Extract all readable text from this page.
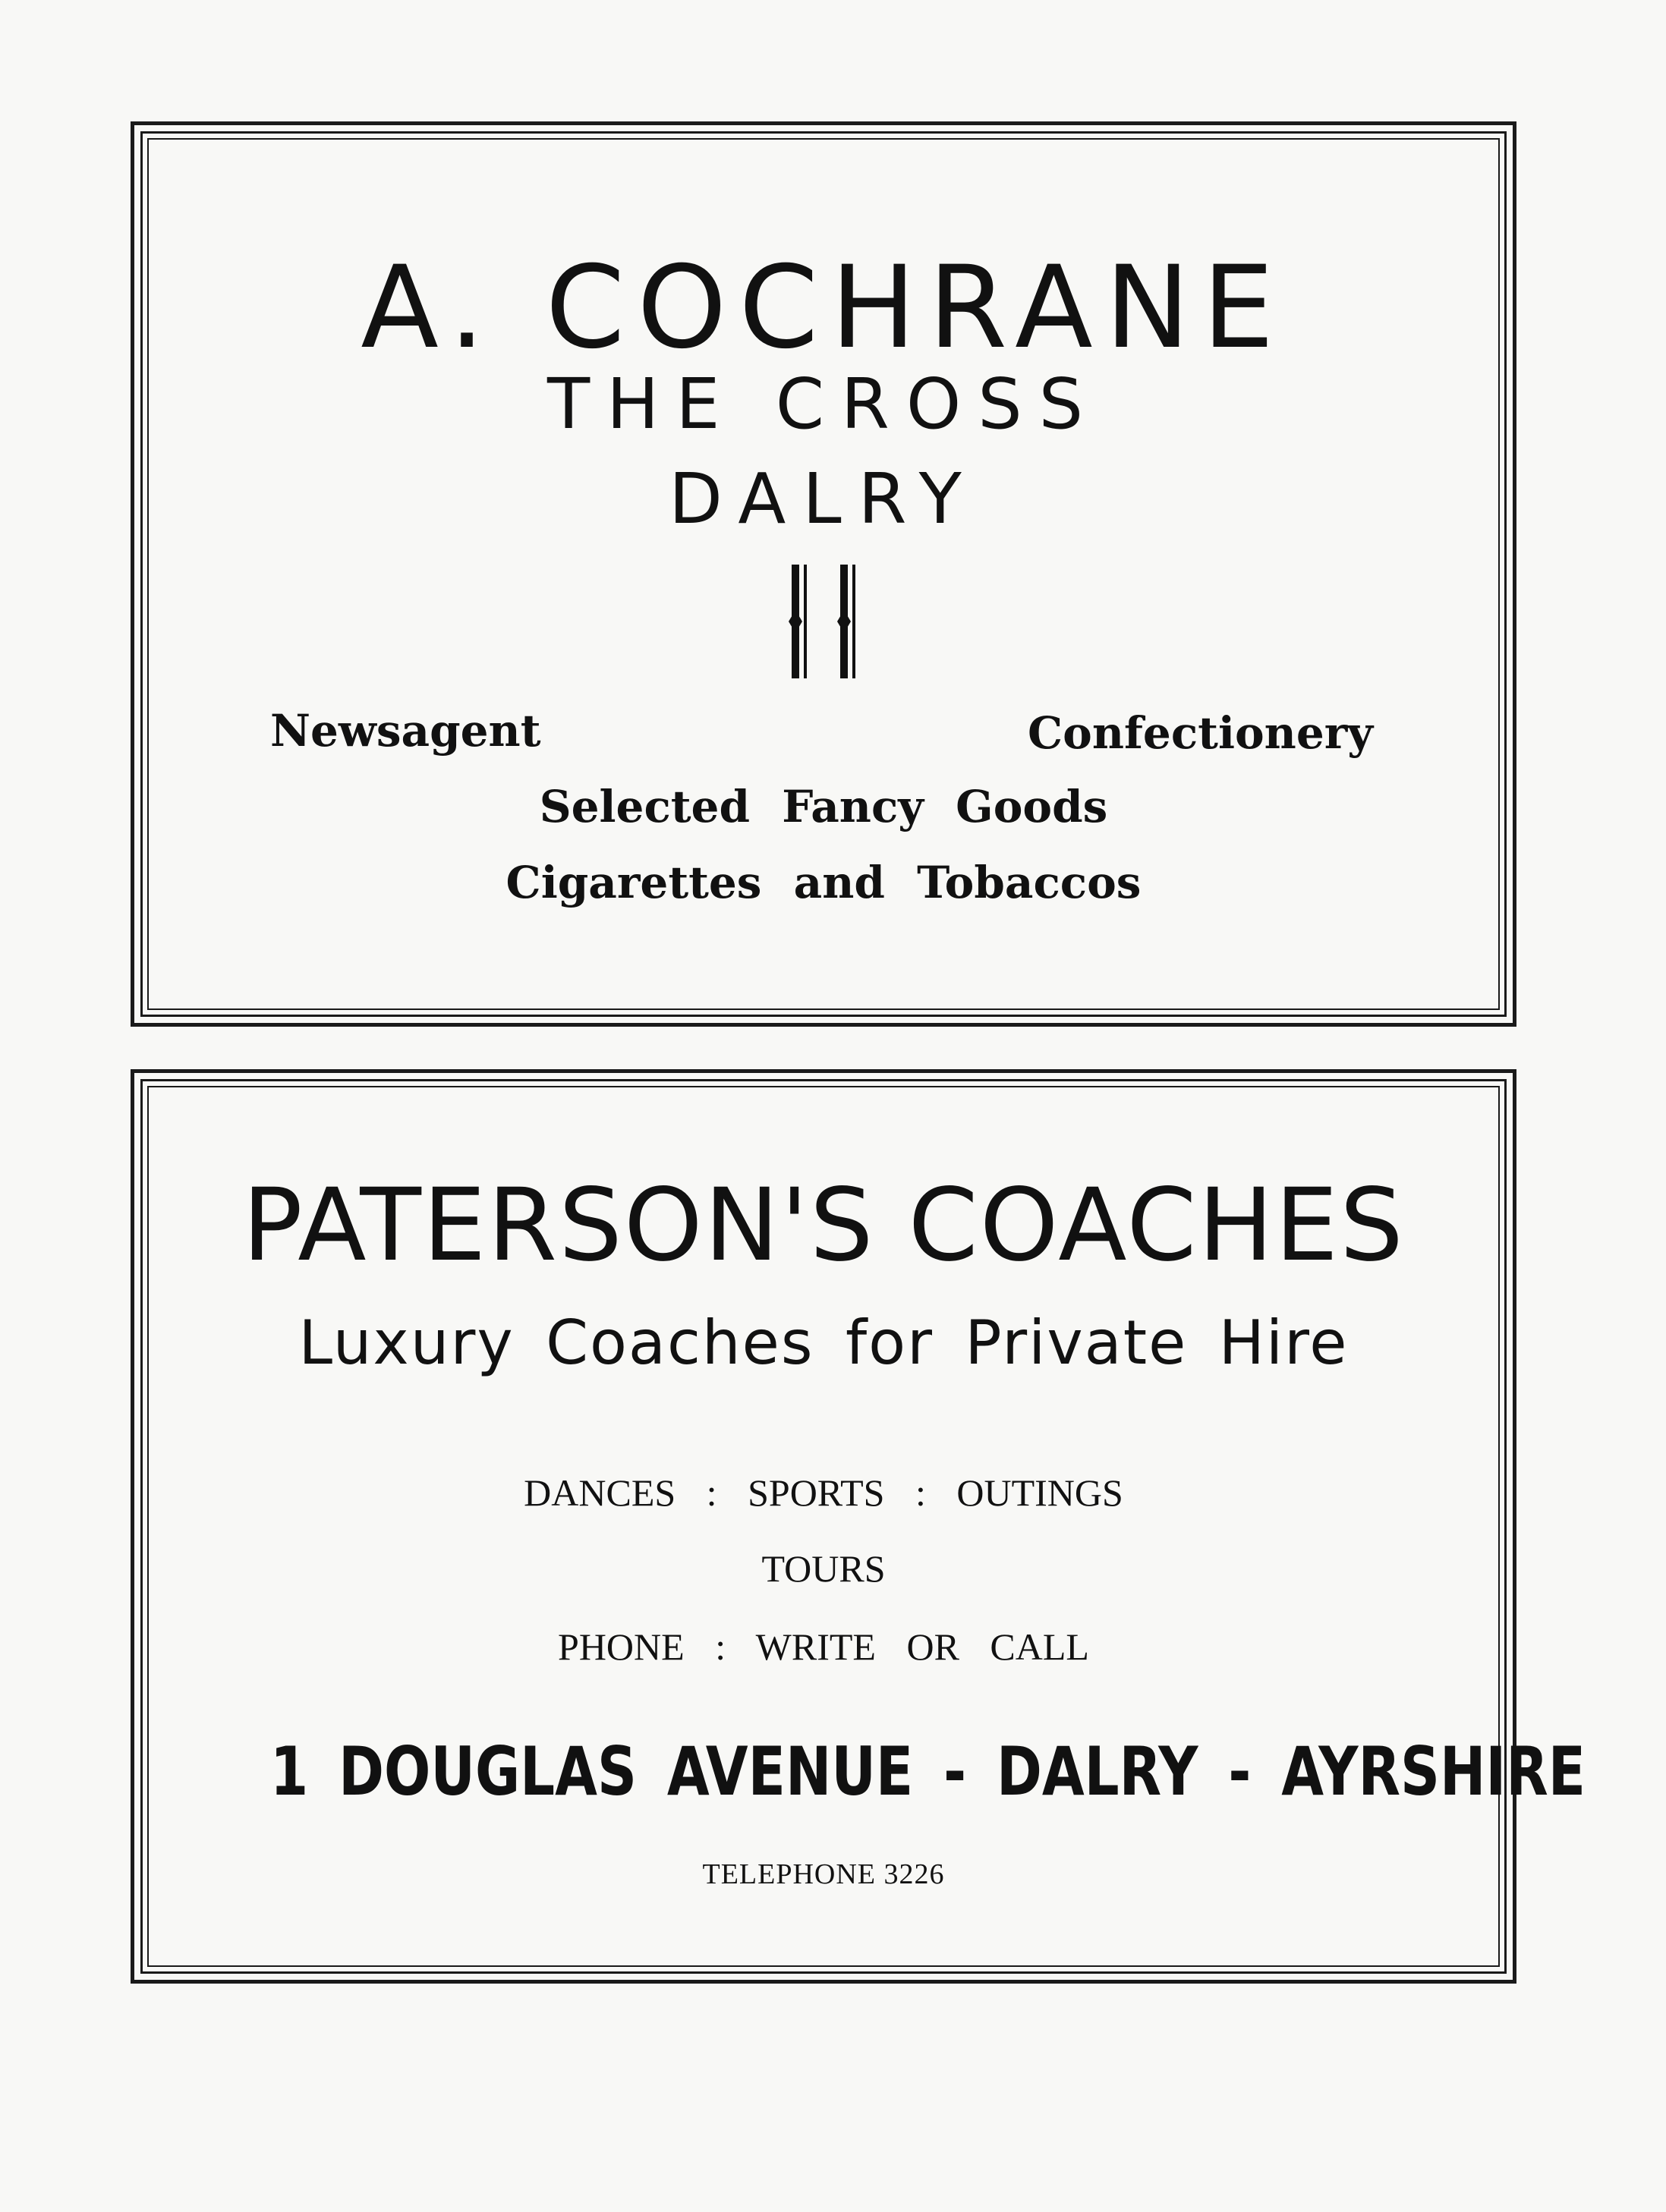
A. COCHRANE
THE CROSS
DALRY
Newsagent	Confectionery
Selected Fancy Goods
Cigarettes and Tobaccos
PATERSON'S COACHES
Luxury Coaches for Private Hire
DANCES : SPORTS : OUTINGS
TOURS
PHONE : WRITE OR CALL
1 DOUGLAS AVENUE - DALRY - AYRSHIRE
TELEPHONE 3226
